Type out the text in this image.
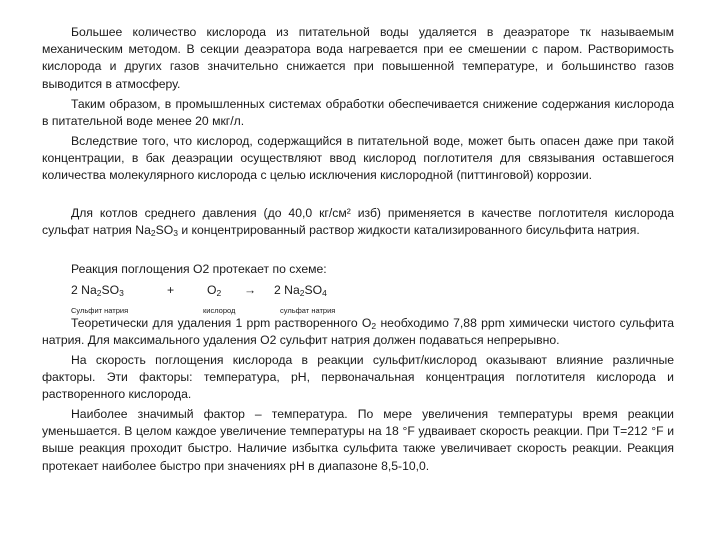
Большее количество кислорода из питательной воды удаляется в деаэраторе тк называемым механическим методом. В секции деаэратора вода нагревается при ее смешении с паром. Растворимость кислорода и других газов значительно снижается при повышенной температуре, и большинство газов выводится в атмосферу.

Таким образом, в промышленных системах обработки обеспечивается снижение содержания кислорода в питательной воде менее 20 мкг/л.

Вследствие того, что кислород, содержащийся в питательной воде, может быть опасен даже при такой концентрации, в бак деаэрации осуществляют ввод кислород поглотителя для связывания оставшегося количества молекулярного кислорода с целью исключения кислородной (питтинговой) коррозии.

Для котлов среднего давления (до 40,0 кг/см² изб) применяется в качестве поглотителя кислорода сульфат натрия $Na_2SO_3$ и концентрированный раствор жидкости катализированного бисульфита натрия.

Реакция поглощения O2 протекает по схеме:

2 $Na_2SO_3$	+	$O_2 \to 2$ $Na_2SO_4$
Сульфит натрия	кислород	сульфат натрия

Теоретически для удаления 1 ppm растворенного $O_2$ необходимо 7,88 ppm химически чистого сульфита натрия. Для максимального удаления O2 сульфит натрия должен подаваться непрерывно.

На скорость поглощения кислорода в реакции сульфит/кислород оказывают влияние различные факторы. Эти факторы: температура, pH, первоначальная концентрация поглотителя кислорода и растворенного кислорода.

Наиболее значимый фактор – температура. По мере увеличения температуры время реакции уменьшается. В целом каждое увеличение температуры на 18 °F удваивает скорость реакции. При T=212 °F и выше реакция проходит быстро. Наличие избытка сульфита также увеличивает скорость реакции. Реакция протекает наиболее быстро при значениях pH в диапазоне 8,5-10,0.
